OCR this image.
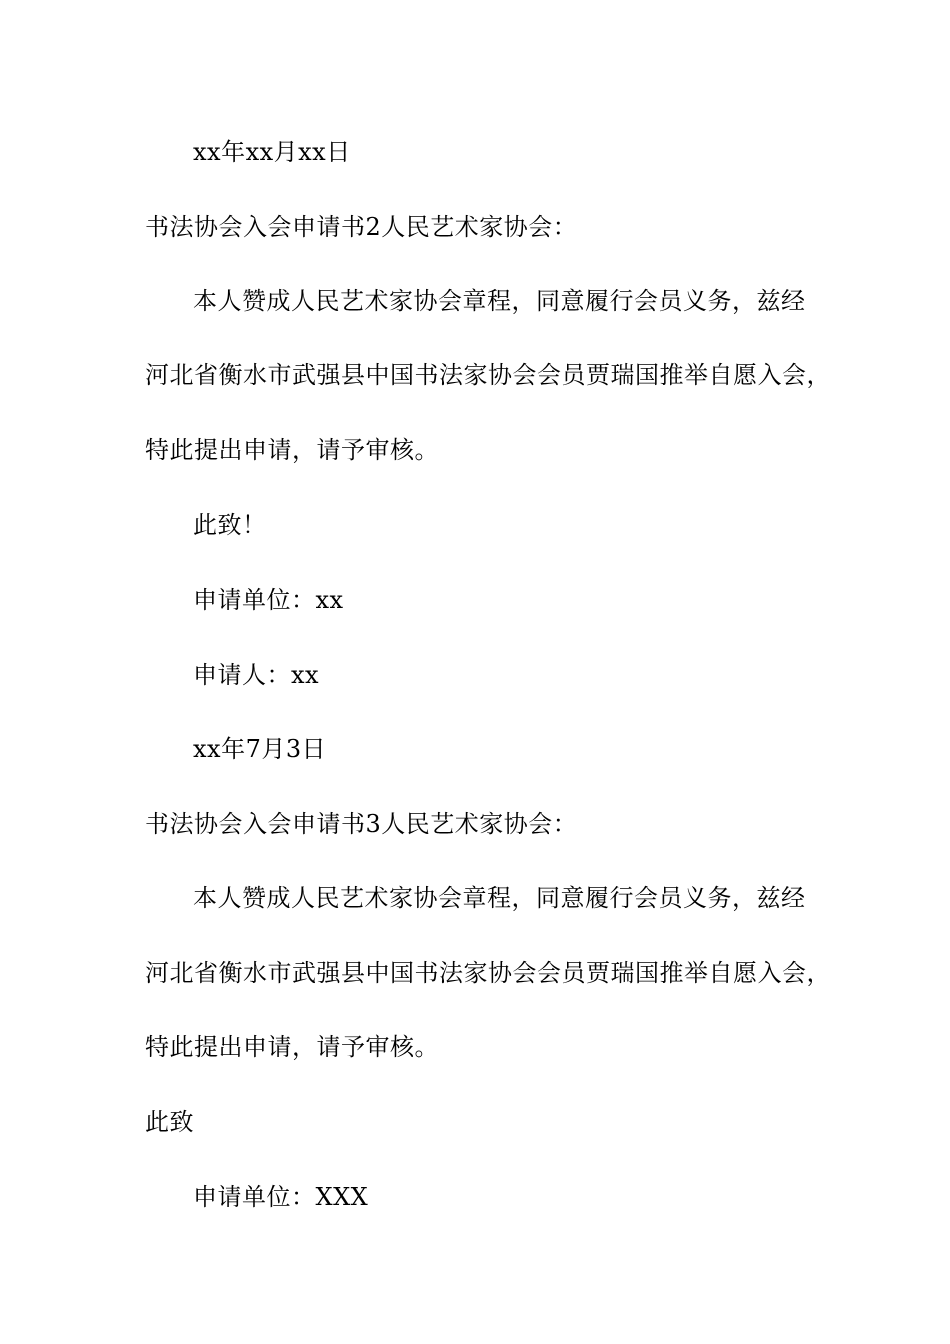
xx年xx月xx日
书法协会入会申请书2人民艺术家协会：
本人赞成人民艺术家协会章程，同意履行会员义务，兹经
河北省衡水市武强县中国书法家协会会员贾瑞国推举自愿入会，
特此提出申请，请予审核。
此致！
申请单位：xx
申请人：xx
xx年7月3日
书法协会入会申请书3人民艺术家协会：
本人赞成人民艺术家协会章程，同意履行会员义务，兹经
河北省衡水市武强县中国书法家协会会员贾瑞国推举自愿入会，
特此提出申请，请予审核。
此致
申请单位：XXX
